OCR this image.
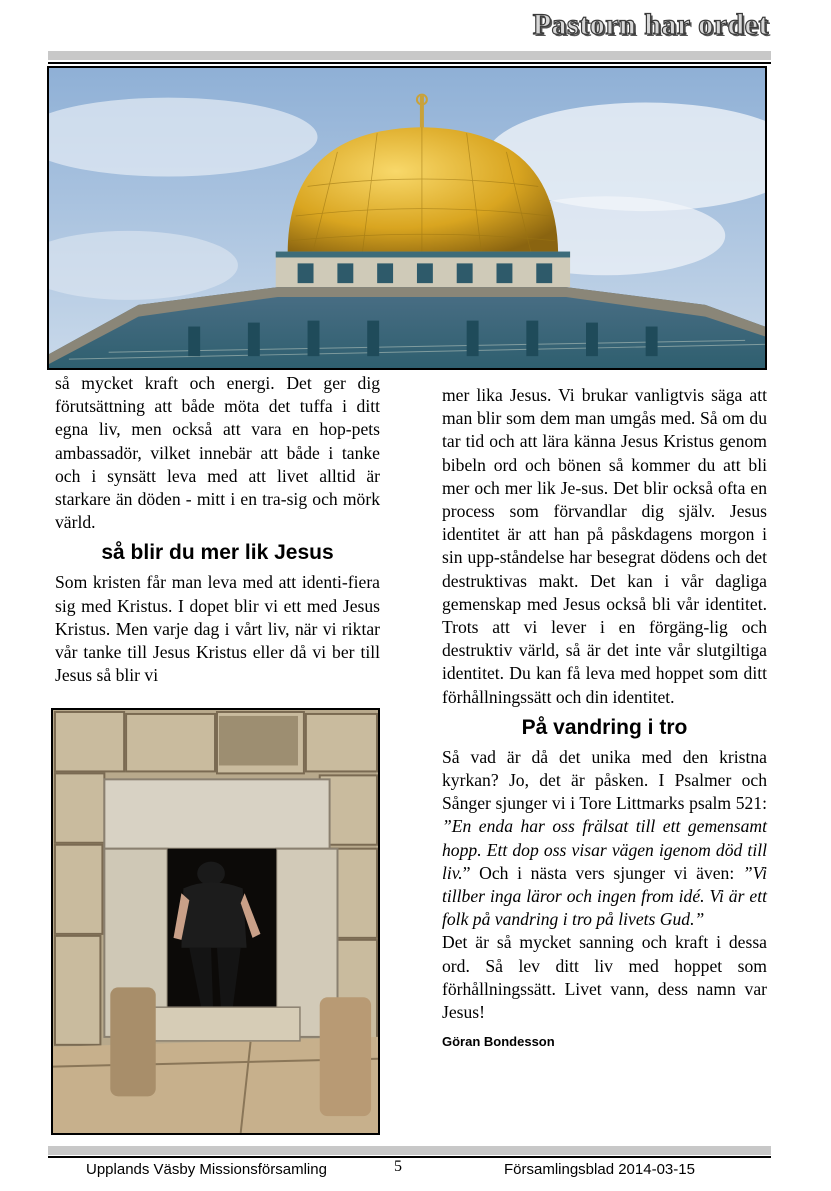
Pastorn har ordet

så mycket kraft och energi. Det ger dig förutsättning att både möta det tuffa i ditt egna liv, men också att vara en hop-pets ambassadör, vilket innebär att både i tanke och i synsätt leva med att livet alltid är starkare än döden - mitt i en tra-sig och mörk värld.

så blir du mer lik Jesus

Som kristen får man leva med att identi-fiera sig med Kristus. I dopet blir vi ett med Jesus Kristus. Men varje dag i vårt liv, när vi riktar vår tanke till Jesus Kristus eller då vi ber till Jesus så blir vi

mer lika Jesus. Vi brukar vanligtvis säga att man blir som dem man umgås med. Så om du tar tid och att lära känna Jesus Kristus genom bibeln ord och bönen så kommer du att bli mer och mer lik Je-sus. Det blir också ofta en process som förvandlar dig själv. Jesus identitet är att han på påskdagens morgon i sin upp-ståndelse har besegrat dödens och det destruktivas makt. Det kan i vår dagliga gemenskap med Jesus också bli vår identitet. Trots att vi lever i en förgäng-lig och destruktiv värld, så är det inte vår slutgiltiga identitet. Du kan få leva med hoppet som ditt förhållningssätt och din identitet.

På vandring i tro

Så vad är då det unika med den kristna kyrkan? Jo, det är påsken. I Psalmer och Sånger sjunger vi i Tore Littmarks psalm 521: ”En enda har oss frälsat till ett gemensamt hopp. Ett dop oss visar vägen igenom död till liv.” Och i nästa vers sjunger vi även: ”Vi tillber inga läror och ingen from idé. Vi är ett folk på vandring i tro på livets Gud.”

Det är så mycket sanning och kraft i dessa ord. Så lev ditt liv med hoppet som förhållningssätt. Livet vann, dess namn var Jesus!

Göran Bondesson
Upplands Väsby Missionsförsamling	5	Församlingsblad 2014-03-15
